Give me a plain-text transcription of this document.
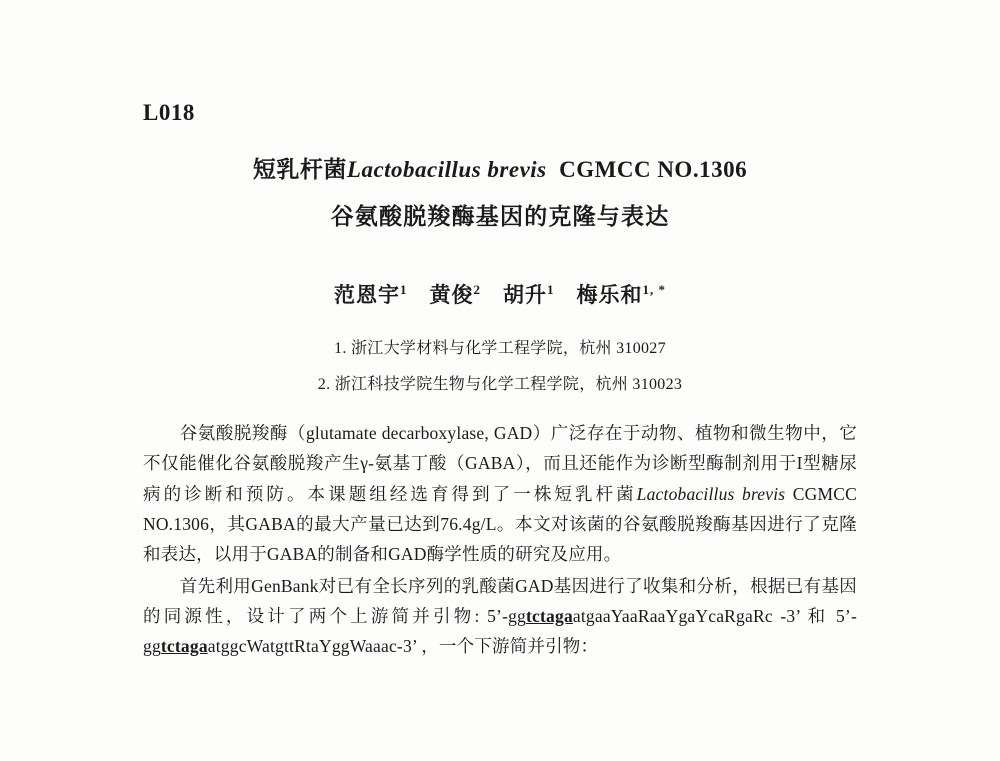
L018
短乳杆菌Lactobacillus brevis CGMCC NO.1306
谷氨酸脱羧酶基因的克隆与表达
范恩宇$^1$ 黄俊$^2$ 胡升$^1$ 梅乐和$^{1, *}$
1. 浙江大学材料与化学工程学院，杭州 310027
2. 浙江科技学院生物与化学工程学院，杭州 310023

谷氨酸脱羧酶（glutamate decarboxylase, GAD）广泛存在于动物、植物和微生物中，它不仅能催化谷氨酸脱羧产生γ-氨基丁酸（GABA），而且还能作为诊断型酶制剂用于I型糖尿病的诊断和预防。本课题组经选育得到了一株短乳杆菌Lactobacillus brevis CGMCC NO.1306，其GABA的最大产量已达到76.4g/L。本文对该菌的谷氨酸脱羧酶基因进行了克隆和表达，以用于GABA的制备和GAD酶学性质的研究及应用。

首先利用GenBank对已有全长序列的乳酸菌GAD基因进行了收集和分析，根据已有基因的同源性，设计了两个上游简并引物: 5’-ggtctagaatgaaYaaRaaYgaYcaRgaRc -3’ 和 5’-ggtctagaatggcWatgttRtaYggWaaac-3’ ，一个下游简并引物：
